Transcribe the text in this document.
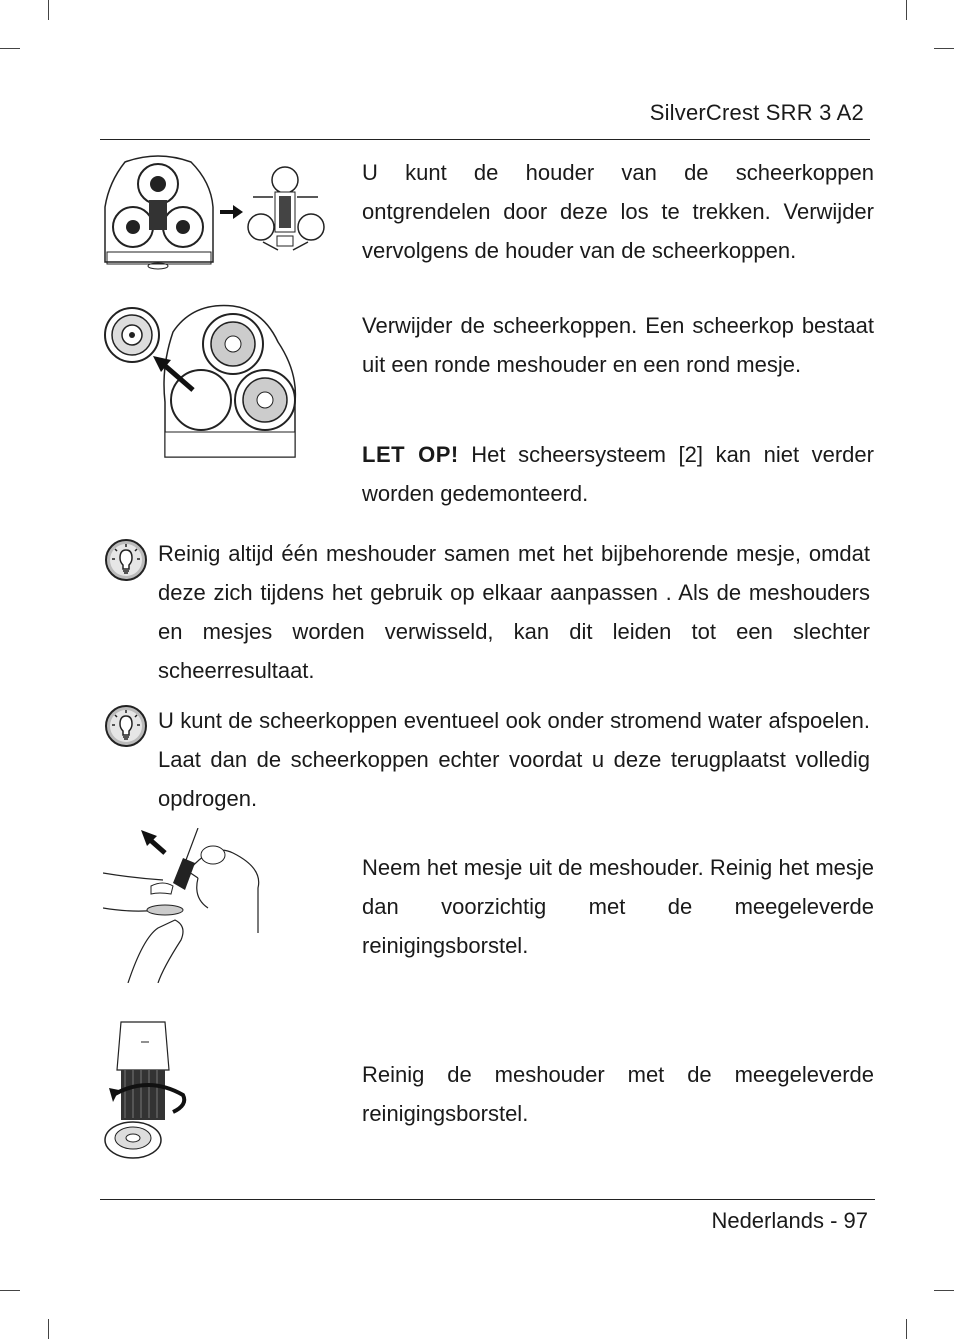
SilverCrest SRR 3 A2

U kunt de houder van de scheerkoppen ontgrendelen door deze los te trekken. Verwijder vervolgens de houder van de scheerkoppen.

Verwijder de scheerkoppen. Een scheerkop bestaat uit een ronde meshouder en een rond mesje.

LET OP! Het scheersysteem [2] kan niet verder worden gedemonteerd.

Reinig altijd één meshouder samen met het bijbehorende mesje, omdat deze zich tijdens het gebruik op elkaar aanpassen . Als de meshouders en mesjes worden verwisseld, kan dit leiden tot een slechter scheerresultaat.

U kunt de scheerkoppen eventueel ook onder stromend water afspoelen. Laat dan de scheerkoppen echter voordat u deze terugplaatst volledig opdrogen.

Neem het mesje uit de meshouder. Reinig het mesje dan voorzichtig met de meegeleverde reinigingsborstel.

Reinig de meshouder met de meegeleverde reinigingsborstel.

Nederlands - 97
